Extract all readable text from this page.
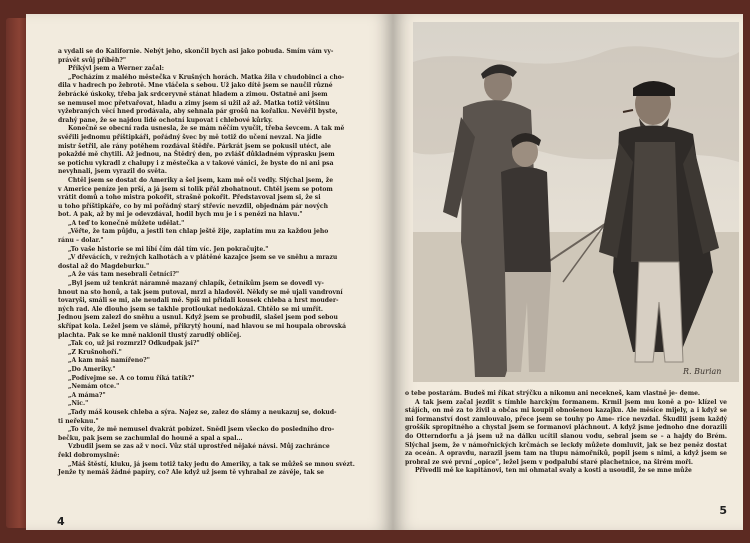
a vydali se do Kalifornie. Nebýt jeho, skončil bych asi jako pobuda. Smím vám vy-
právět svůj příběh?"

Příkývl jsem a Werner začal:

„Pocházím z malého městečka v Krušných horách. Matka žila v chudobinci a cho-
dila v hadrech po žebrotě. Mne vláčela s sebou. Už jako dítě jsem se naučil různé
žebrácké úskoky, třeba jak srdceryvně stánat hladem a zimou. Ostatně ani jsem
se nemusel moc přetvařovat, hladu a zimy jsem si užil až až. Matka totiž většinu
vyžebraných věcí hned prodávala, aby sehnala pár grošů na kořalku. Nevěřil byste,
drahý pane, že se najdou lidé ochotní kupovat i chlebové kůrky.

Konečně se obecní rada usnesla, že se mám něčím vyučit, třeba ševcem. A tak mě
svěřili jednomu příštipkáři, pořádný švec by mě totiž do učení nevzal. Na jídle
mistr šetřil, ale rány potěhem rozdával štědře. Párkrát jsem se pokusil utéct, ale
pokaždé mě chytili. Až jednou, na Štědrý den, po zvlášť důkladném výprasku jsem
se potichu vykradl z chalupy i z městečka a v takové vánici, že byste do ni ani psa
nevyhnali, jsem vyrazil do světa.

Chtěl jsem se dostat do Ameriky a šel jsem, kam mě oči vedly. Slýchal jsem, že
v Americe peníze jen prší, a já jsem si tolik přál zbohatnout. Chtěl jsem se potom
vrátit domů a toho mistra pokořit, strašně pokořit. Představoval jsem si, že si
u toho příštipkáře, co by mi pořádný starý střevíc nevzdil, objednám pár nových
bot. A pak, až by mi je odevzdával, hodil bych mu je i s penězi na hlavu."

„A teď to konečně můžete udělat."

„Věřte, že tam půjdu, a jestli ten chlap ještě žije, zaplatím mu za každou jeho
ránu – dolar."

„To vaše historie se mi líbí čím dál tím víc. Jen pokračujte."

„V dřevácích, v režných kalhotách a v plátěné kazajce jsem se ve sněhu a mrazu
dostal až do Magdeburku."

„A že vás tam nesebrali četníci?"

„Byl jsem už tenkrát náramně mazaný chlapík, četníkům jsem se dovedl vy-
hnout na sto honů, a tak jsem putoval, mrzl a hladověl. Někdy se mě ujali vandrovní
tovaryši, smáli se mi, ale neudali mě. Spíš mi přidali kousek chleba a hrst mouder-
ných rad. Ale dlouho jsem se takhle protloukat nedokázal. Chtělo se mi umřít.
Jednou jsem zalezl do sněhu a usnul. Když jsem se probudil, slašel jsem pod sebou
skřípat kola. Ležel jsem ve slámě, přikrytý houní, nad hlavou se mi houpala obrovská
plachta. Pak se ke mně naklonil tlustý zarudlý obličej.

„Tak co, už jsi rozmrzl? Odkudpak jsi?"

„Z Krušnohoří."

„A kam máš namířeno?"

„Do Ameriky."

„Podívejme se. A co tomu říká tatík?"

„Nemám otce."

„A máma?"

„Nic."

„Tady máš kousek chleba a sýra. Najez se, zalez do slámy a neukazuj se, dokud-
ti neřeknu."

„To víte, že mě nemusel dvakrát pobízet. Snědl jsem všecko do posledního dro-
bečku, pak jsem se zachumlal do houně a spal a spal…

Vzbudil jsem se zas až v noci. Vůz stál uprostřed nějaké návsi. Můj zachránce
řekl dobromyslně:

„Máš štěstí, kluku, já jsem totiž taky jedu do Ameriky, a tak se můžeš se mnou svézt.
Jenže ty nemáš žádné papíry, co? Ale když už jsem tě vyhrabal ze závěje, tak se

4
R. Burian

o tebe postarám. Budeš mi říkat strýčku a nikomu ani necekneš, kam vlastně je- deme.

A tak jsem začal jezdit s tímhle harckým formanem. Krmil jsem mu koně a po- klízel ve stájích, on mě za to živil a občas mi koupil obnošenou kazajku. Ale měsíce mijely, a i když se mi formanství dost zamlouvalo, přece jsem se touhy po Ame- rice nevzdal. Škudlil jsem každý groššík spropitného a chystal jsem se formanovi pláchnout. A když jsme jednoho dne dorazili do Otterndorfu a já jsem už na dálku ucítil slanou vodu, sebral jsem se – a hajdy do Brém. Slýchal jsem, že v námořnických krčmách se leckdy můžete domluvit, jak se bez peněz dostat za oceán. A opravdu, narazil jsem tam na tlupu námořníků, popil jsem s nimi, a když jsem se probral ze své první „opice", ležel jsem v podpalubí staré plachetnice, na širém moři.

Přivedli mě ke kapitánovi, ten mi ohmatal svaly a kosti a usoudil, že se mne může

5
